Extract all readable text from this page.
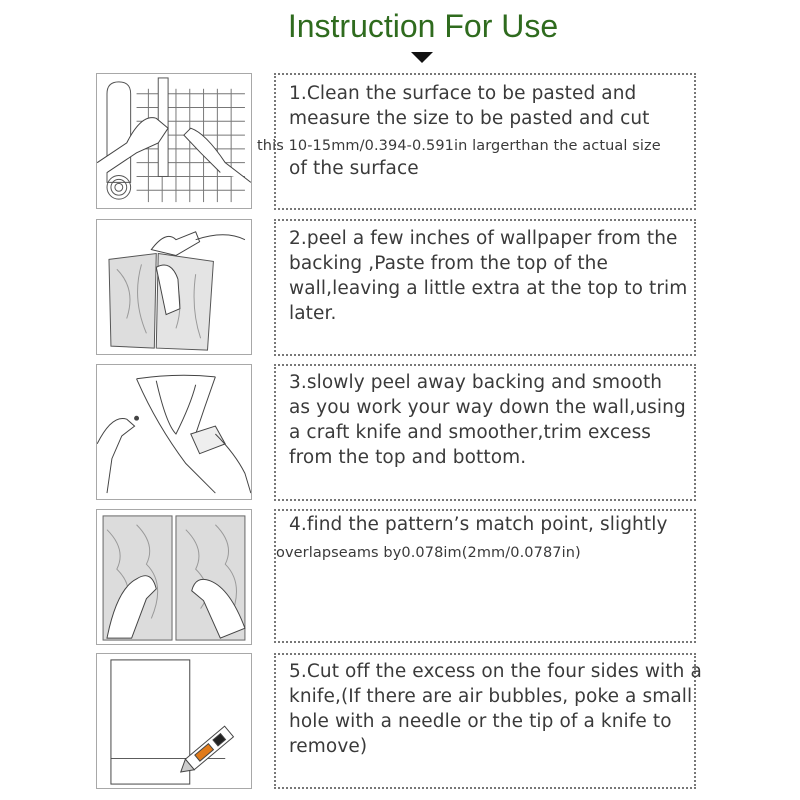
Instruction For Use
1.Clean the surface to be pasted and
measure the size to be pasted and cut
this 10-15mm/0.394-0.591in largerthan the actual size
of the surface
2.peel a few inches of wallpaper from the
backing ,Paste from the top of the
wall,leaving a little extra at the top to trim
later.
3.slowly peel away backing and smooth
as you work your way down the wall,using
a craft knife and smoother,trim excess
from the top and bottom.
4.find the pattern’s match point, slightly
overlapseams by0.078im(2mm/0.0787in)
5.Cut off the excess on the four sides with a
knife,(If there are air bubbles, poke a small
hole with a needle or the tip of a knife to
remove)
